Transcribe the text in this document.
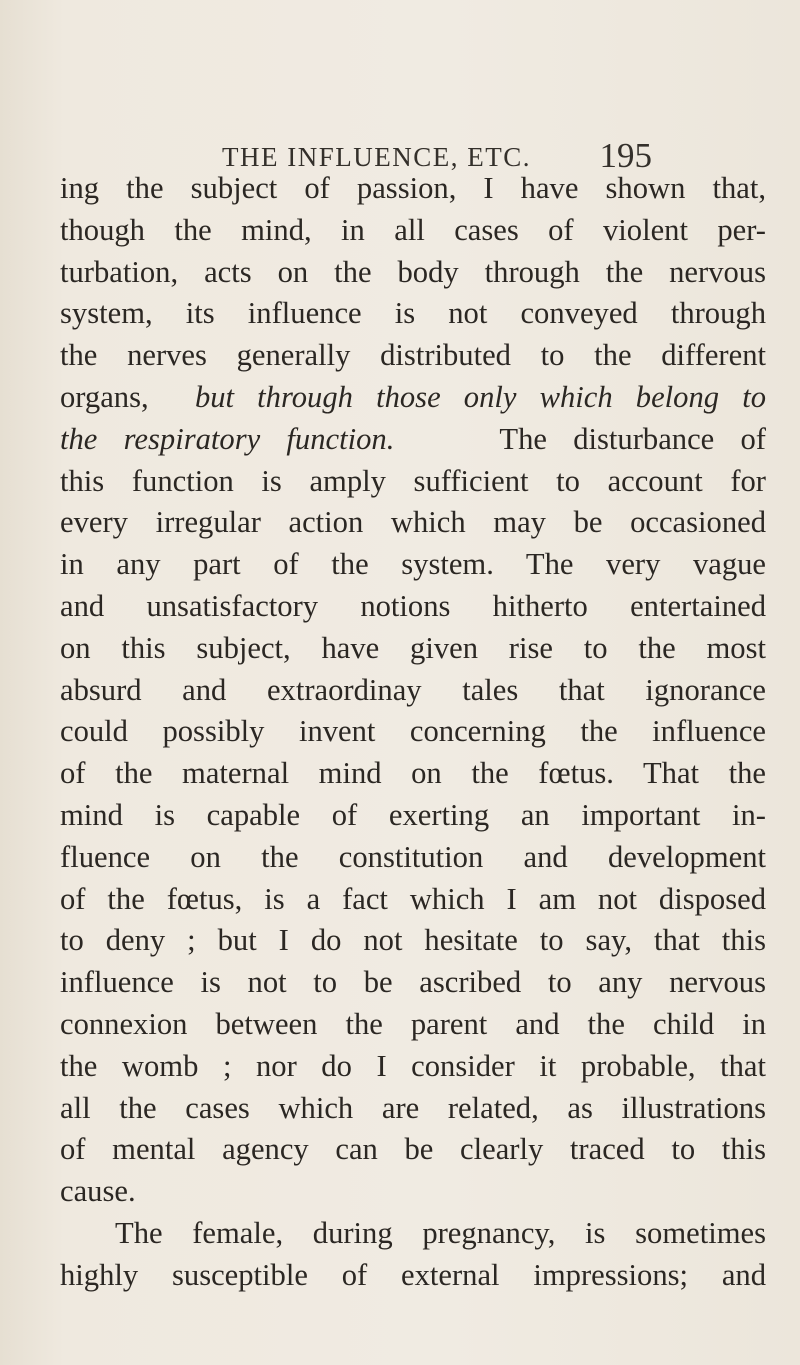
THE INFLUENCE, ETC. 195
ing the subject of passion, I have shown that,
though the mind, in all cases of violent per-
turbation, acts on the body through the nervous
system, its influence is not conveyed through
the nerves generally distributed to the different
organs, but through those only which belong to
the respiratory function.	The disturbance of
this function is amply sufficient to account for
every irregular action which may be occasioned
in any part of the system. The very vague
and unsatisfactory notions hitherto entertained
on this subject, have given rise to the most
absurd and extraordinay tales that ignorance
could possibly invent concerning the influence
of the maternal mind on the fœtus. That the
mind is capable of exerting an important in-
fluence on the constitution and development
of the fœtus, is a fact which I am not disposed
to deny ; but I do not hesitate to say, that this
influence is not to be ascribed to any nervous
connexion between the parent and the child in
the womb ; nor do I consider it probable, that
all the cases which are related, as illustrations
of mental agency can be clearly traced to this
cause.
The female, during pregnancy, is sometimes
highly susceptible of external impressions; and
